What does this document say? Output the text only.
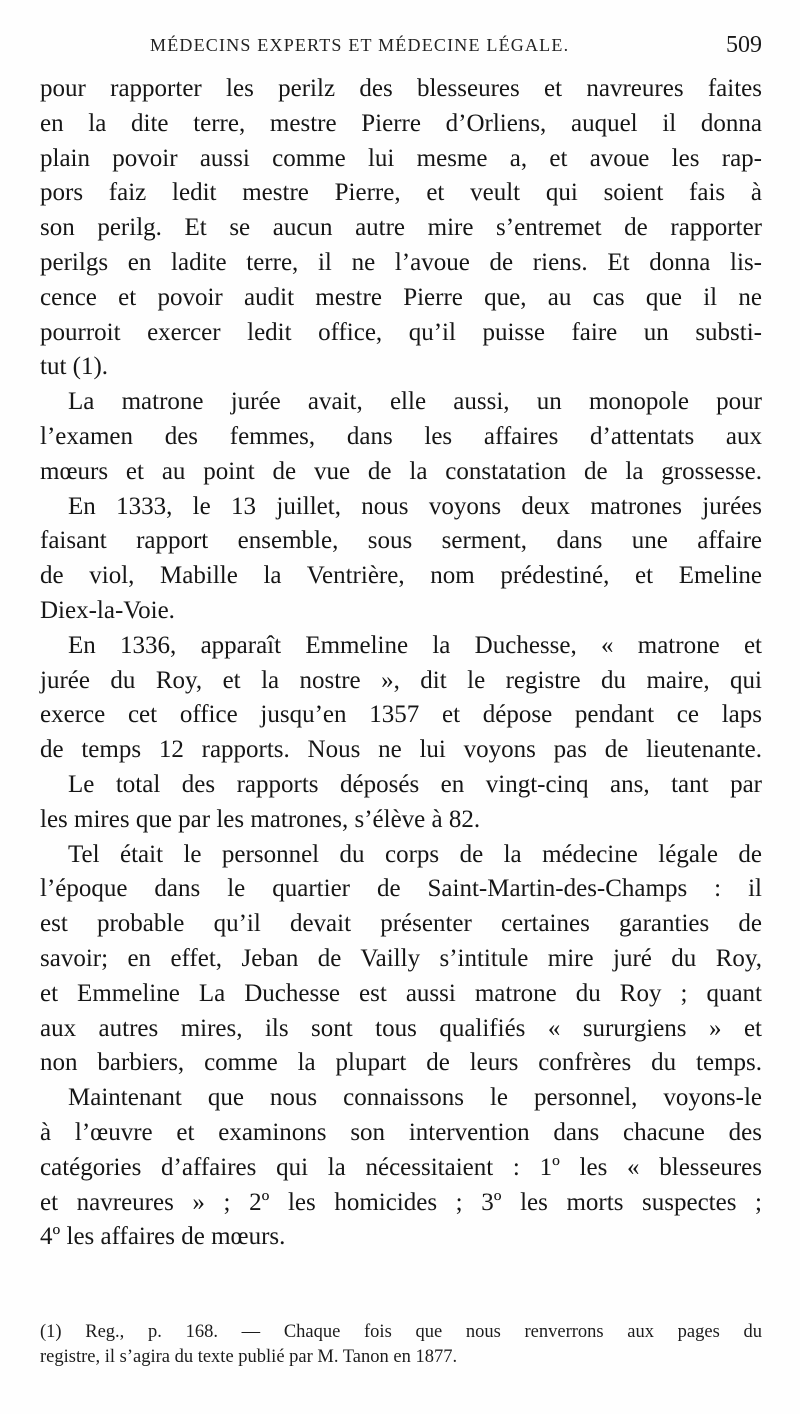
MÉDECINS EXPERTS ET MÉDECINE LÉGALE.	509
pour rapporter les perilz des blesseures et navreures faites
en la dite terre, mestre Pierre d’Orliens, auquel il donna
plain povoir aussi comme lui mesme a, et avoue les rap-
pors faiz ledit mestre Pierre, et veult qui soient fais à
son perilg. Et se aucun autre mire s’entremet de rapporter
perilgs en ladite terre, il ne l’avoue de riens. Et donna lis-
cence et povoir audit mestre Pierre que, au cas que il ne
pourroit exercer ledit office, qu’il puisse faire un substi-
tut (1).
La matrone jurée avait, elle aussi, un monopole pour
l’examen des femmes, dans les affaires d’attentats aux
mœurs et au point de vue de la constatation de la grossesse.
En 1333, le 13 juillet, nous voyons deux matrones jurées
faisant rapport ensemble, sous serment, dans une affaire
de viol, Mabille la Ventrière, nom prédestiné, et Emeline
Diex-la-Voie.
En 1336, apparaît Emmeline la Duchesse, « matrone et
jurée du Roy, et la nostre », dit le registre du maire, qui
exerce cet office jusqu’en 1357 et dépose pendant ce laps
de temps 12 rapports. Nous ne lui voyons pas de lieutenante.
Le total des rapports déposés en vingt-cinq ans, tant par
les mires que par les matrones, s’élève à 82.
Tel était le personnel du corps de la médecine légale de
l’époque dans le quartier de Saint-Martin-des-Champs : il
est probable qu’il devait présenter certaines garanties de
savoir; en effet, Jeban de Vailly s’intitule mire juré du Roy,
et Emmeline La Duchesse est aussi matrone du Roy ; quant
aux autres mires, ils sont tous qualifiés « sururgiens » et
non barbiers, comme la plupart de leurs confrères du temps.
Maintenant que nous connaissons le personnel, voyons-le
à l’œuvre et examinons son intervention dans chacune des
catégories d’affaires qui la nécessitaient : 1º les « blesseures
et navreures » ; 2º les homicides ; 3º les morts suspectes ;
4º les affaires de mœurs.
(1) Reg., p. 168. — Chaque fois que nous renverrons aux pages du
registre, il s’agira du texte publié par M. Tanon en 1877.
